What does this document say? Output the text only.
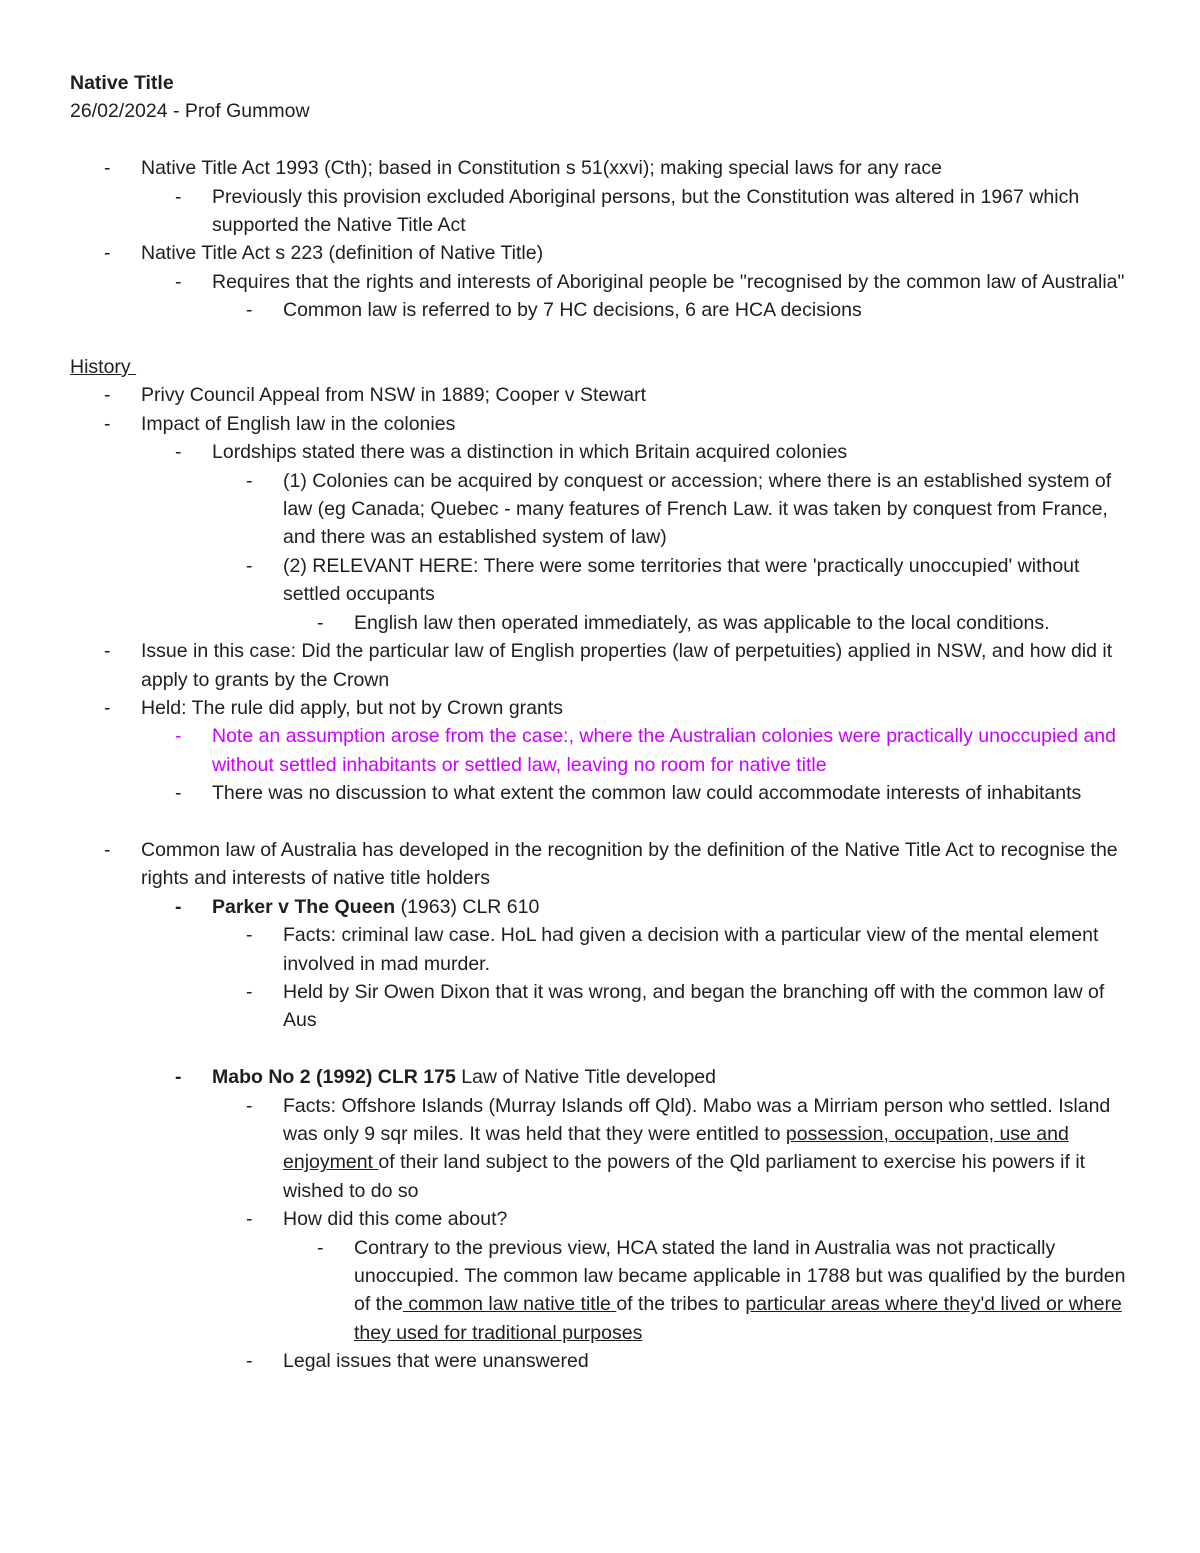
Native Title

26/02/2024 - Prof Gummow

- Native Title Act 1993 (Cth); based in Constitution s 51(xxvi); making special laws for any race
- Previously this provision excluded Aboriginal persons, but the Constitution was altered in 1967 which supported the Native Title Act
- Native Title Act s 223 (definition of Native Title)
- Requires that the rights and interests of Aboriginal people be "recognised by the common law of Australia"
- Common law is referred to by 7 HC decisions, 6 are HCA decisions

History

- Privy Council Appeal from NSW in 1889; Cooper v Stewart
- Impact of English law in the colonies
- Lordships stated there was a distinction in which Britain acquired colonies
- (1) Colonies can be acquired by conquest or accession; where there is an established system of law (eg Canada; Quebec - many features of French Law. it was taken by conquest from France, and there was an established system of law)
- (2) RELEVANT HERE: There were some territories that were 'practically unoccupied' without settled occupants
- English law then operated immediately, as was applicable to the local conditions.
- Issue in this case: Did the particular law of English properties (law of perpetuities) applied in NSW, and how did it apply to grants by the Crown
- Held: The rule did apply, but not by Crown grants
- Note an assumption arose from the case:, where the Australian colonies were practically unoccupied and without settled inhabitants or settled law, leaving no room for native title
- There was no discussion to what extent the common law could accommodate interests of inhabitants
- Common law of Australia has developed in the recognition by the definition of the Native Title Act to recognise the rights and interests of native title holders
- Parker v The Queen (1963) CLR 610
- Facts: criminal law case. HoL had given a decision with a particular view of the mental element involved in mad murder.
- Held by Sir Owen Dixon that it was wrong, and began the branching off with the common law of Aus
- Mabo No 2 (1992) CLR 175 Law of Native Title developed
- Facts: Offshore Islands (Murray Islands off Qld). Mabo was a Mirriam person who settled. Island was only 9 sqr miles. It was held that they were entitled to possession, occupation, use and enjoyment of their land subject to the powers of the Qld parliament to exercise his powers if it wished to do so
- How did this come about?
- Contrary to the previous view, HCA stated the land in Australia was not practically unoccupied. The common law became applicable in 1788 but was qualified by the burden of the common law native title of the tribes to particular areas where they'd lived or where they used for traditional purposes
- Legal issues that were unanswered
